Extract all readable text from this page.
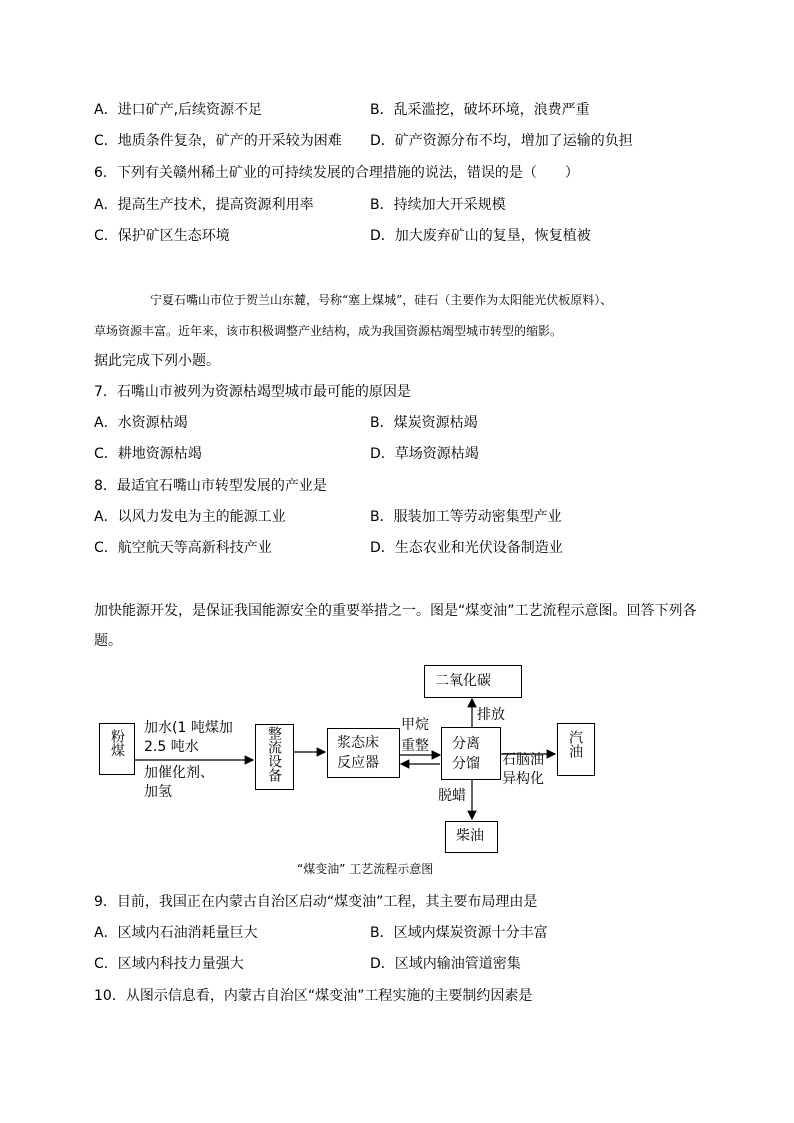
A．进口矿产,后续资源不足	B．乱采滥挖，破坏环境，浪费严重
C．地质条件复杂，矿产的开采较为困难 D．矿产资源分布不均，增加了运输的负担
6．下列有关赣州稀土矿业的可持续发展的合理措施的说法，错误的是（　　）
A．提高生产技术，提高资源利用率	B．持续加大开采规模
C．保护矿区生态环境	D．加大废弃矿山的复垦，恢复植被
宁夏石嘴山市位于贺兰山东麓，号称“塞上煤城”，硅石（主要作为太阳能光伏板原料）、
草场资源丰富。近年来，该市积极调整产业结构，成为我国资源枯竭型城市转型的缩影。
据此完成下列小题。
7．石嘴山市被列为资源枯竭型城市最可能的原因是
A．水资源枯竭	B．煤炭资源枯竭
C．耕地资源枯竭	D．草场资源枯竭
8．最适宜石嘴山市转型发展的产业是
A．以风力发电为主的能源工业	B．服装加工等劳动密集型产业
C．航空航天等高新科技产业	D．生态农业和光伏设备制造业
加快能源开发，是保证我国能源安全的重要举措之一。图是“煤变油”工艺流程示意图。回答下列各
题。
粉煤
加水(1 吨煤加
2.5 吨水
加催化剂、
加氢
整流设备	浆态床
反应器
甲烷
重整 分离
分馏
二氧化碳
排放
石脑油
异构化
汽油
脱蜡
柴油
“煤变油” 工艺流程示意图
9．目前，我国正在内蒙古自治区启动“煤变油”工程，其主要布局理由是
A．区域内石油消耗量巨大	B．区域内煤炭资源十分丰富
C．区域内科技力量强大	D．区域内输油管道密集
10．从图示信息看，内蒙古自治区“煤变油”工程实施的主要制约因素是
